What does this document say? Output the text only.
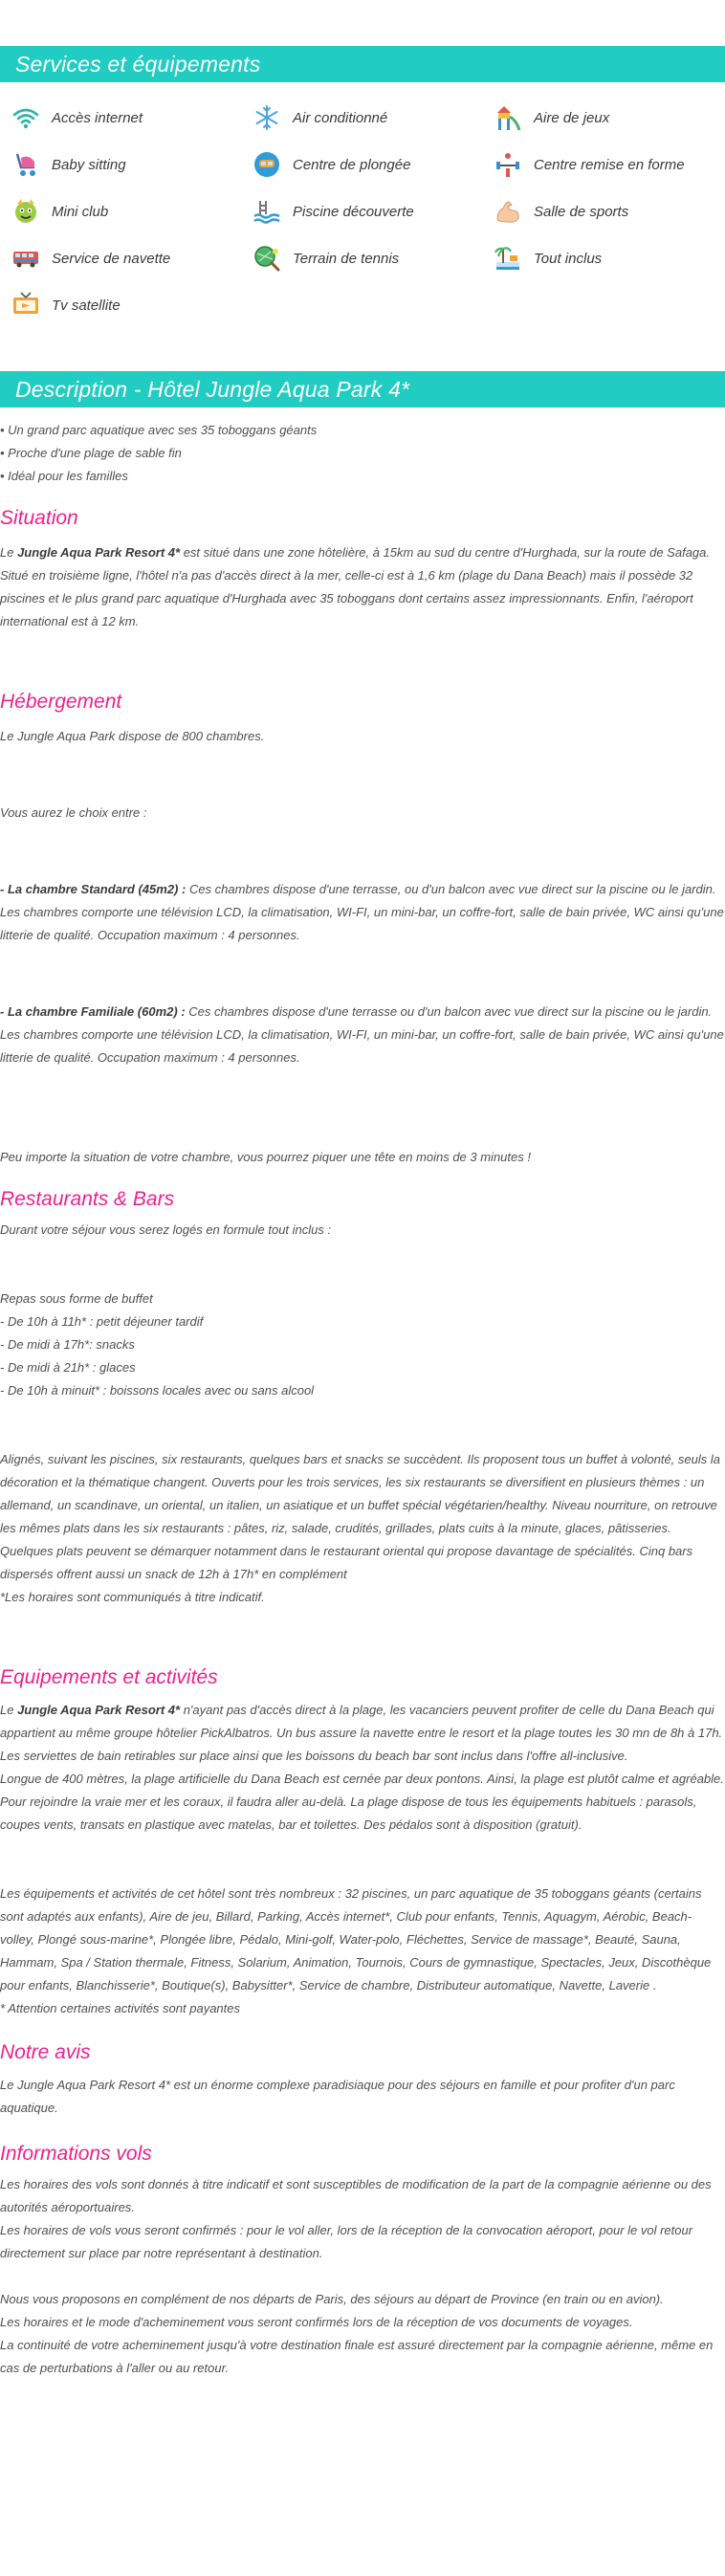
Services et équipements
Accès internet	Air conditionné	Aire de jeux
Baby sitting	Centre de plongée	Centre remise en forme
Mini club	Piscine découverte	Salle de sports
Service de navette	Terrain de tennis	Tout inclus
Tv satellite
Description - Hôtel Jungle Aqua Park 4*
• Un grand parc aquatique avec ses 35 toboggans géants
• Proche d'une plage de sable fin
• Idéal pour les familles
Situation

Le Jungle Aqua Park Resort 4* est situé dans une zone hôtelière, à 15km au sud du centre d'Hurghada, sur la route de Safaga. Situé en troisième ligne, l'hôtel n'a pas d'accès direct à la mer, celle-ci est à 1,6 km (plage du Dana Beach) mais il possède 32 piscines et le plus grand parc aquatique d'Hurghada avec 35 toboggans dont certains assez impressionnants. Enfin, l'aéroport international est à 12 km.

Hébergement

Le Jungle Aqua Park dispose de 800 chambres.

Vous aurez le choix entre :

- La chambre Standard (45m2) : Ces chambres dispose d'une terrasse, ou d'un balcon avec vue direct sur la piscine ou le jardin. Les chambres comporte une télévision LCD, la climatisation, WI-FI, un mini-bar, un coffre-fort, salle de bain privée, WC ainsi qu'une litterie de qualité. Occupation maximum : 4 personnes.

- La chambre Familiale (60m2) : Ces chambres dispose d'une terrasse ou d'un balcon avec vue direct sur la piscine ou le jardin. Les chambres comporte une télévision LCD, la climatisation, WI-FI, un mini-bar, un coffre-fort, salle de bain privée, WC ainsi qu'une litterie de qualité. Occupation maximum : 4 personnes.

Peu importe la situation de votre chambre, vous pourrez piquer une tête en moins de 3 minutes !

Restaurants & Bars

Durant votre séjour vous serez logés en formule tout inclus :

Repas sous forme de buffet

- De 10h à 11h* : petit déjeuner tardif

- De midi à 17h*: snacks

- De midi à 21h* : glaces

- De 10h à minuit* : boissons locales avec ou sans alcool

Alignés, suivant les piscines, six restaurants, quelques bars et snacks se succèdent. Ils proposent tous un buffet à volonté, seuls la décoration et la thématique changent. Ouverts pour les trois services, les six restaurants se diversifient en plusieurs thèmes : un allemand, un scandinave, un oriental, un italien, un asiatique et un buffet spécial végétarien/healthy. Niveau nourriture, on retrouve les mêmes plats dans les six restaurants : pâtes, riz, salade, crudités, grillades, plats cuits à la minute, glaces, pâtisseries. Quelques plats peuvent se démarquer notamment dans le restaurant oriental qui propose davantage de spécialités. Cinq bars dispersés offrent aussi un snack de 12h à 17h* en complément

*Les horaires sont communiqués à titre indicatif.

Equipements et activités

Le Jungle Aqua Park Resort 4* n'ayant pas d'accès direct à la plage, les vacanciers peuvent profiter de celle du Dana Beach qui appartient au même groupe hôtelier PickAlbatros. Un bus assure la navette entre le resort et la plage toutes les 30 mn de 8h à 17h. Les serviettes de bain retirables sur place ainsi que les boissons du beach bar sont inclus dans l'offre all-inclusive.

Longue de 400 mètres, la plage artificielle du Dana Beach est cernée par deux pontons. Ainsi, la plage est plutôt calme et agréable. Pour rejoindre la vraie mer et les coraux, il faudra aller au-delà. La plage dispose de tous les équipements habituels : parasols, coupes vents, transats en plastique avec matelas, bar et toilettes. Des pédalos sont à disposition (gratuit).

Les équipements et activités de cet hôtel sont très nombreux : 32 piscines, un parc aquatique de 35 toboggans géants (certains sont adaptés aux enfants), Aire de jeu, Billard, Parking, Accès internet*, Club pour enfants, Tennis, Aquagym, Aérobic, Beach-volley, Plongé sous-marine*, Plongée libre, Pédalo, Mini-golf, Water-polo, Fléchettes, Service de massage*, Beauté, Sauna, Hammam, Spa / Station thermale, Fitness, Solarium, Animation, Tournois, Cours de gymnastique, Spectacles, Jeux, Discothèque pour enfants, Blanchisserie*, Boutique(s), Babysitter*, Service de chambre, Distributeur automatique, Navette, Laverie .

* Attention certaines activités sont payantes

Notre avis

Le Jungle Aqua Park Resort 4* est un énorme complexe paradisiaque pour des séjours en famille et pour profiter d'un parc aquatique.

Informations vols

Les horaires des vols sont donnés à titre indicatif et sont susceptibles de modification de la part de la compagnie aérienne ou des autorités aéroportuaires.

Les horaires de vols vous seront confirmés : pour le vol aller, lors de la réception de la convocation aéroport, pour le vol retour directement sur place par notre représentant à destination.

Nous vous proposons en complément de nos départs de Paris, des séjours au départ de Province (en train ou en avion).

Les horaires et le mode d'acheminement vous seront confirmés lors de la réception de vos documents de voyages.

La continuité de votre acheminement jusqu'à votre destination finale est assuré directement par la compagnie aérienne, même en cas de perturbations à l'aller ou au retour.
